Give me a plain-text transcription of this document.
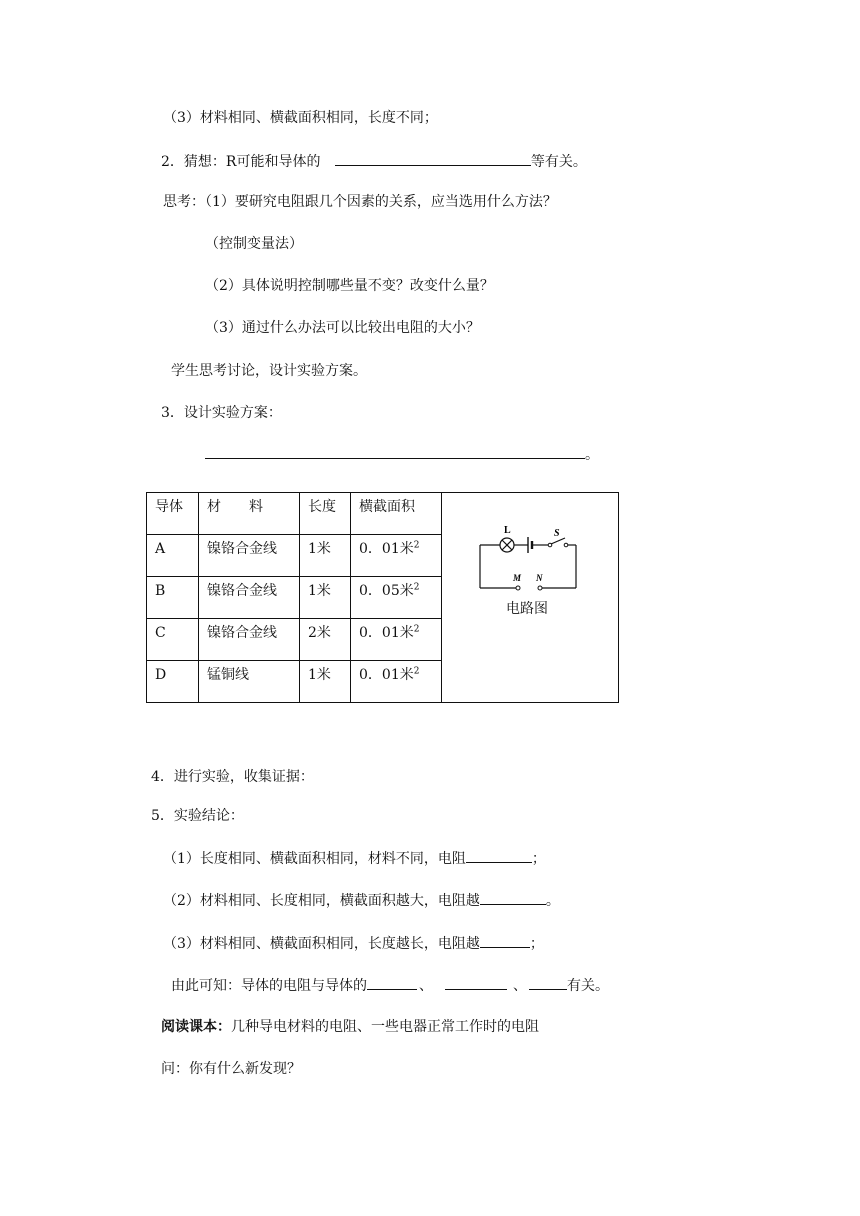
（3）材料相同、横截面积相同，长度不同；
2．猜想：R可能和导体的	等有关。
思考：（1）要研究电阻跟几个因素的关系，应当选用什么方法？
（控制变量法）
（2）具体说明控制哪些量不变？改变什么量？
（3）通过什么办法可以比较出电阻的大小？
学生思考讨论，设计实验方案。
3．设计实验方案：
。
导体	材　　料	长度	横截面积	L S
M N
电路图

A	镍铬合金线	1米	0．01米$^2$
B	镍铬合金线	1米	0．05米$^2$
C	镍铬合金线	2米	0．01米$^2$
D	锰铜线	1米	0．01米$^2$
4．进行实验，收集证据：
5．实验结论：
（1）长度相同、横截面积相同，材料不同，电阻	；
（2）材料相同、长度相同，横截面积越大，电阻越	。
（3）材料相同、横截面积相同，长度越长，电阻越	；
由此可知：导体的电阻与导体的	、	、	有关。
阅读课本：几种导电材料的电阻、一些电器正常工作时的电阻
问：你有什么新发现？
